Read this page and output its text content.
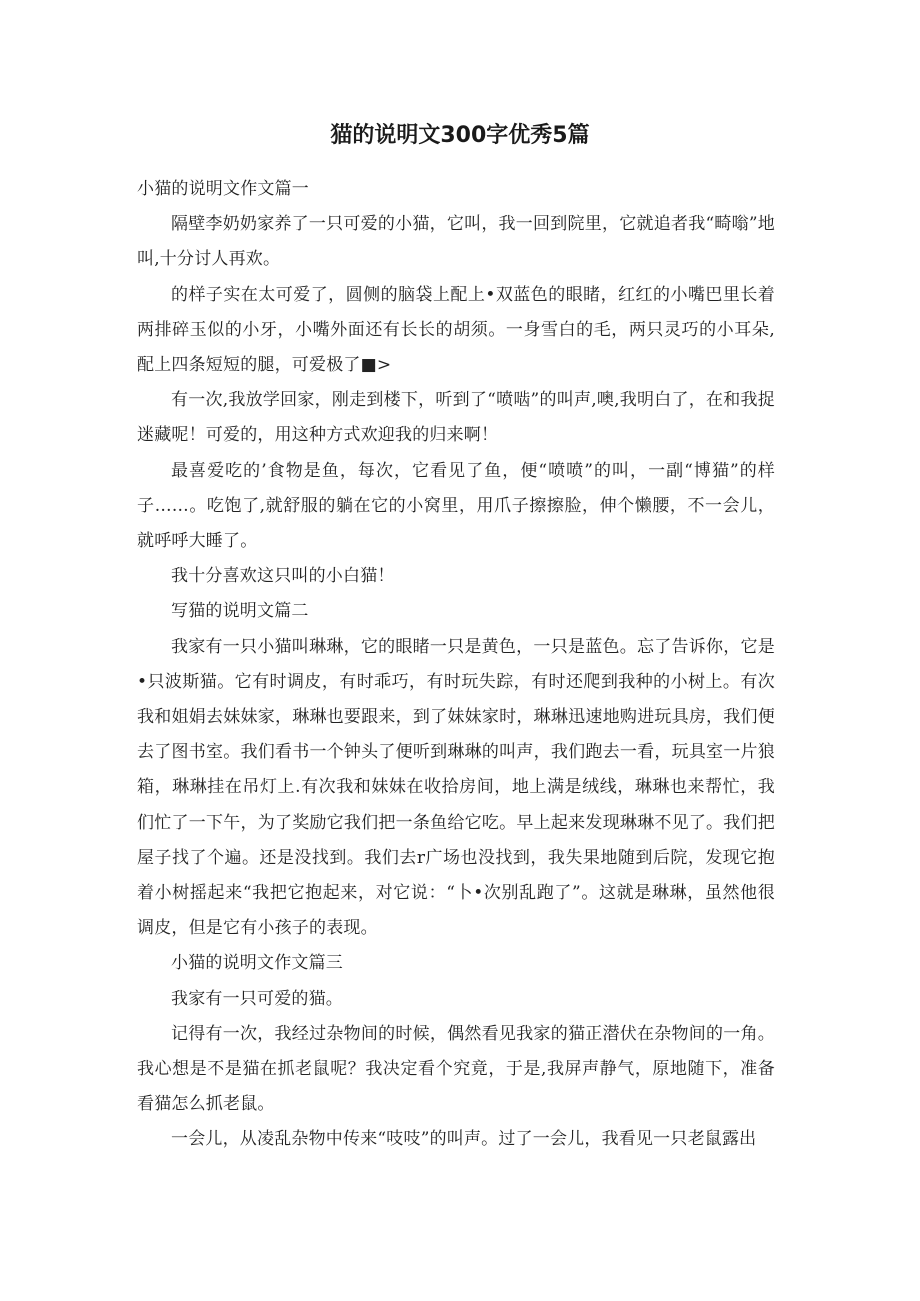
猫的说明文300字优秀5篇

小猫的说明文作文篇一

隔壁李奶奶家养了一只可爱的小猫，它叫，我一回到院里，它就追者我“畸嗡”地叫,十分讨人再欢。

的样子实在太可爱了，圆侧的脑袋上配上•双蓝色的眼睹，红红的小嘴巴里长着两排碎玉似的小牙，小嘴外面还有长长的胡须。一身雪白的毛，两只灵巧的小耳朵,配上四条短短的腿，可爱极了■>

有一次,我放学回家，刚走到楼下，听到了“喷啮”的叫声,噢,我明白了，在和我捉迷藏呢！可爱的，用这种方式欢迎我的归来啊！

最喜爱吃的’食物是鱼，每次，它看见了鱼，便“喷喷”的叫，一副“博猫”的样子……。吃饱了,就舒服的躺在它的小窝里，用爪子擦擦脸，伸个懒腰，不一会儿，就呼呼大睡了。

我十分喜欢这只叫的小白猫！

写猫的说明文篇二

我家有一只小猫叫琳琳，它的眼睹一只是黄色，一只是蓝色。忘了告诉你，它是•只波斯猫。它有时调皮，有时乖巧，有时玩失踪，有时还爬到我种的小树上。有次我和姐娟去妹妹家，琳琳也要跟来，到了妹妹家时，琳琳迅速地购进玩具房，我们便去了图书室。我们看书一个钟头了便听到琳琳的叫声，我们跑去一看，玩具室一片狼箱，琳琳挂在吊灯上.有次我和妹妹在收拾房间，地上满是绒线，琳琳也来帮忙，我们忙了一下午，为了奖励它我们把一条鱼给它吃。早上起来发现琳琳不见了。我们把屋子找了个遍。还是没找到。我们去r广场也没找到，我失果地随到后院，发现它抱着小树摇起来“我把它抱起来，对它说：“卜•次别乱跑了”。这就是琳琳，虽然他很调皮，但是它有小孩子的表现。

小猫的说明文作文篇三

我家有一只可爱的猫。

记得有一次，我经过杂物间的时候，偶然看见我家的猫正潜伏在杂物间的一角。我心想是不是猫在抓老鼠呢？我决定看个究竟，于是,我屏声静气，原地随下，准备看猫怎么抓老鼠。

一会儿，从凌乱杂物中传来“吱吱”的叫声。过了一会儿，我看见一只老鼠露出
